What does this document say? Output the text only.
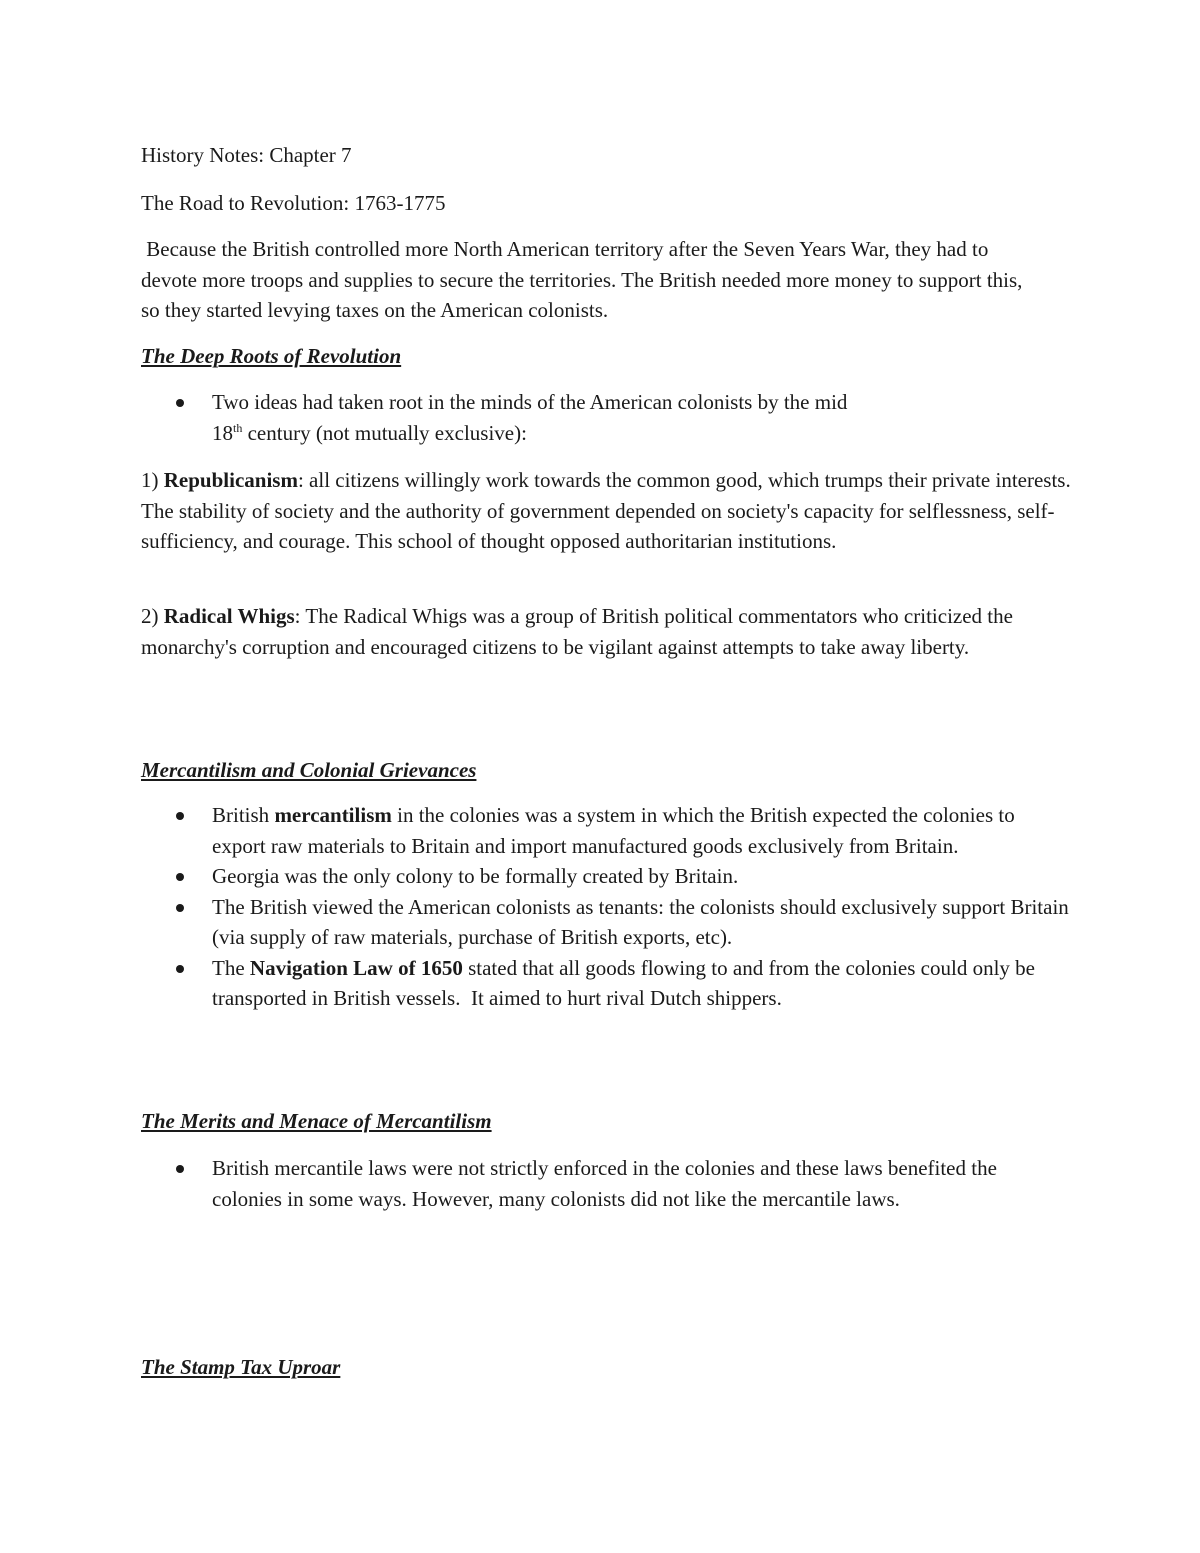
History Notes: Chapter 7

The Road to Revolution: 1763-1775

Because the British controlled more North American territory after the Seven Years War, they had to devote more troops and supplies to secure the territories. The British needed more money to support this, so they started levying taxes on the American colonists.

The Deep Roots of Revolution
Two ideas had taken root in the minds of the American colonists by the mid
18th century (not mutually exclusive):

1) Republicanism: all citizens willingly work towards the common good, which trumps their private interests. The stability of society and the authority of government depended on society's capacity for selflessness, self-sufficiency, and courage. This school of thought opposed authoritarian institutions.

2) Radical Whigs: The Radical Whigs was a group of British political commentators who criticized the monarchy's corruption and encouraged citizens to be vigilant against attempts to take away liberty.

Mercantilism and Colonial Grievances
British mercantilism in the colonies was a system in which the British expected the colonies to export raw materials to Britain and import manufactured goods exclusively from Britain.
Georgia was the only colony to be formally created by Britain.
The British viewed the American colonists as tenants: the colonists should exclusively support Britain (via supply of raw materials, purchase of British exports, etc).
The Navigation Law of 1650 stated that all goods flowing to and from the colonies could only be transported in British vessels.  It aimed to hurt rival Dutch shippers.
The Merits and Menace of Mercantilism
British mercantile laws were not strictly enforced in the colonies and these laws benefited the colonies in some ways. However, many colonists did not like the mercantile laws.
The Stamp Tax Uproar
